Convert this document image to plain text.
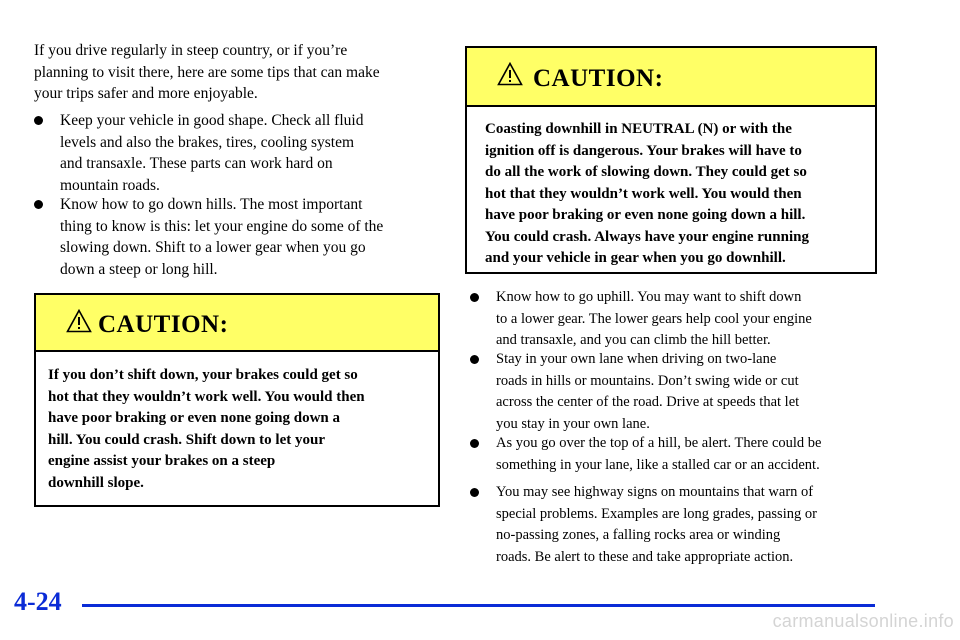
If you drive regularly in steep country, or if you’re
planning to visit there, here are some tips that can make
your trips safer and more enjoyable.

Keep your vehicle in good shape. Check all fluid
levels and also the brakes, tires, cooling system
and transaxle. These parts can work hard on
mountain roads.
Know how to go down hills. The most important
thing to know is this: let your engine do some of the
slowing down. Shift to a lower gear when you go
down a steep or long hill.
CAUTION:
If you don’t shift down, your brakes could get so
hot that they wouldn’t work well. You would then
have poor braking or even none going down a
hill. You could crash. Shift down to let your
engine assist your brakes on a steep
downhill slope.
CAUTION:
Coasting downhill in NEUTRAL (N) or with the
ignition off is dangerous. Your brakes will have to
do all the work of slowing down. They could get so
hot that they wouldn’t work well. You would then
have poor braking or even none going down a hill.
You could crash. Always have your engine running
and your vehicle in gear when you go downhill.
Know how to go uphill. You may want to shift down
to a lower gear. The lower gears help cool your engine
and transaxle, and you can climb the hill better.
Stay in your own lane when driving on two-lane
roads in hills or mountains. Don’t swing wide or cut
across the center of the road. Drive at speeds that let
you stay in your own lane.
As you go over the top of a hill, be alert. There could be
something in your lane, like a stalled car or an accident.
You may see highway signs on mountains that warn of
special problems. Examples are long grades, passing or
no-passing zones, a falling rocks area or winding
roads. Be alert to these and take appropriate action.
4-24
carmanualsonline.info
